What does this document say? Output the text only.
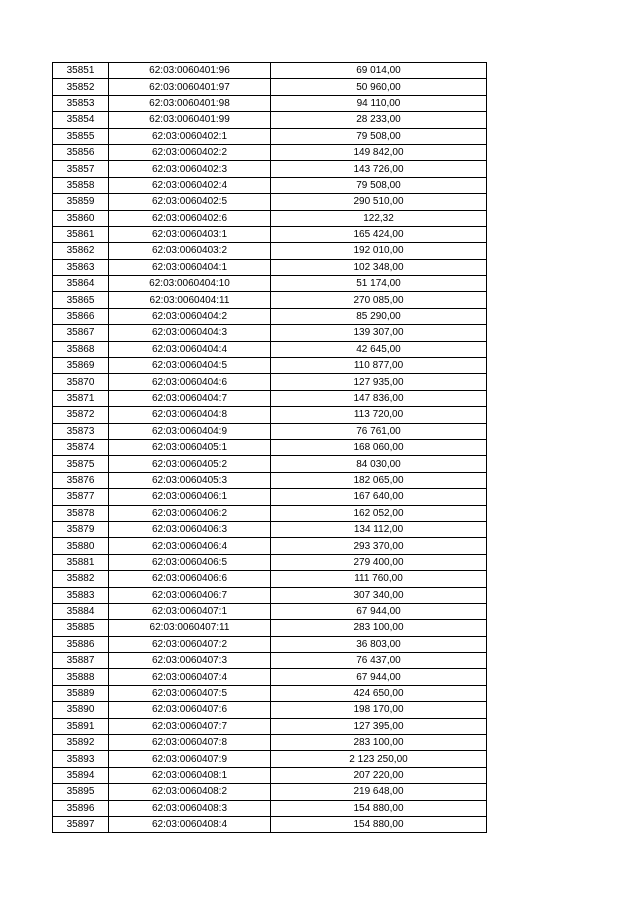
35851	62:03:0060401:96	69 014,00
35852	62:03:0060401:97	50 960,00
35853	62:03:0060401:98	94 110,00
35854	62:03:0060401:99	28 233,00
35855	62:03:0060402:1	79 508,00
35856	62:03:0060402:2	149 842,00
35857	62:03:0060402:3	143 726,00
35858	62:03:0060402:4	79 508,00
35859	62:03:0060402:5	290 510,00
35860	62:03:0060402:6	122,32
35861	62:03:0060403:1	165 424,00
35862	62:03:0060403:2	192 010,00
35863	62:03:0060404:1	102 348,00
35864	62:03:0060404:10	51 174,00
35865	62:03:0060404:11	270 085,00
35866	62:03:0060404:2	85 290,00
35867	62:03:0060404:3	139 307,00
35868	62:03:0060404:4	42 645,00
35869	62:03:0060404:5	110 877,00
35870	62:03:0060404:6	127 935,00
35871	62:03:0060404:7	147 836,00
35872	62:03:0060404:8	113 720,00
35873	62:03:0060404:9	76 761,00
35874	62:03:0060405:1	168 060,00
35875	62:03:0060405:2	84 030,00
35876	62:03:0060405:3	182 065,00
35877	62:03:0060406:1	167 640,00
35878	62:03:0060406:2	162 052,00
35879	62:03:0060406:3	134 112,00
35880	62:03:0060406:4	293 370,00
35881	62:03:0060406:5	279 400,00
35882	62:03:0060406:6	111 760,00
35883	62:03:0060406:7	307 340,00
35884	62:03:0060407:1	67 944,00
35885	62:03:0060407:11	283 100,00
35886	62:03:0060407:2	36 803,00
35887	62:03:0060407:3	76 437,00
35888	62:03:0060407:4	67 944,00
35889	62:03:0060407:5	424 650,00
35890	62:03:0060407:6	198 170,00
35891	62:03:0060407:7	127 395,00
35892	62:03:0060407:8	283 100,00
35893	62:03:0060407:9	2 123 250,00
35894	62:03:0060408:1	207 220,00
35895	62:03:0060408:2	219 648,00
35896	62:03:0060408:3	154 880,00
35897	62:03:0060408:4	154 880,00
